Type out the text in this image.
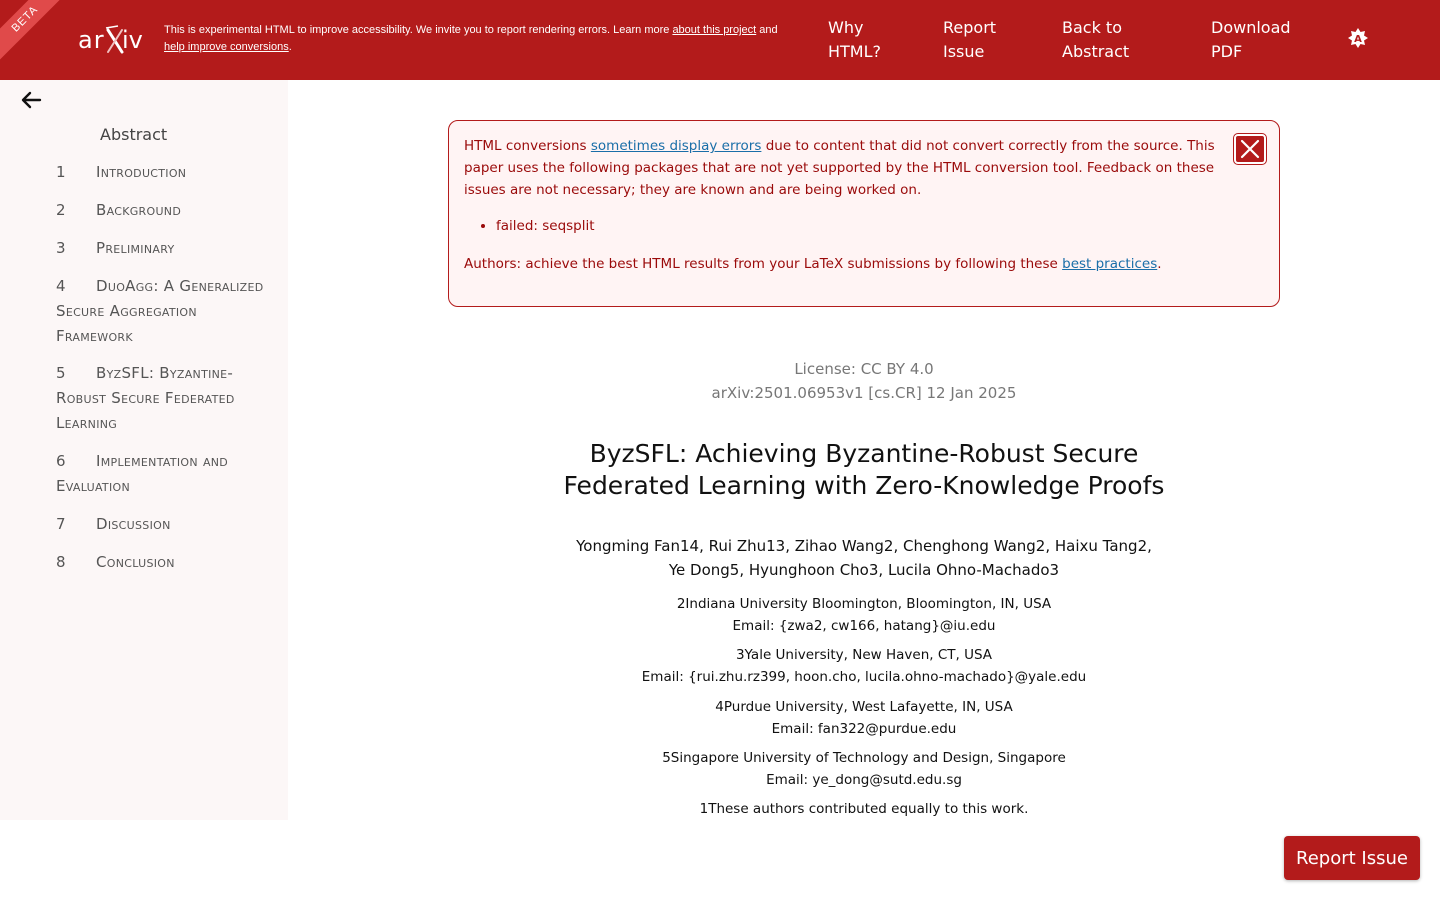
BETA
ar iv This is experimental HTML to improve accessibility. We invite you to report rendering errors. Learn more about this project and
help improve conversions.
Why
HTML?
Report
Issue
Back to
Abstract
Download
PDF
A
Abstract
1 Introduction
2 Background
3 Preliminary
4 DuoAgg: A Generalized Secure Aggregation Framework
5 ByzSFL: Byzantine-Robust Secure Federated Learning
6 Implementation and Evaluation
7 Discussion
8 Conclusion
HTML conversions sometimes display errors due to content that did not convert correctly from the source. This paper uses the following packages that are not yet supported by the HTML conversion tool. Feedback on these issues are not necessary; they are known and are being worked on.
• failed: seqsplit
Authors: achieve the best HTML results from your LaTeX submissions by following these best practices.
License: CC BY 4.0
arXiv:2501.06953v1 [cs.CR] 12 Jan 2025
ByzSFL: Achieving Byzantine-Robust Secure
Federated Learning with Zero-Knowledge Proofs
Yongming Fan14, Rui Zhu13, Zihao Wang2, Chenghong Wang2, Haixu Tang2,
Ye Dong5, Hyunghoon Cho3, Lucila Ohno-Machado3
2Indiana University Bloomington, Bloomington, IN, USA
Email: {zwa2, cw166, hatang}@iu.edu
3Yale University, New Haven, CT, USA
Email: {rui.zhu.rz399, hoon.cho, lucila.ohno-machado}@yale.edu
4Purdue University, West Lafayette, IN, USA
Email: fan322@purdue.edu
5Singapore University of Technology and Design, Singapore
Email: ye_dong@sutd.edu.sg
1These authors contributed equally to this work.
Report Issue
